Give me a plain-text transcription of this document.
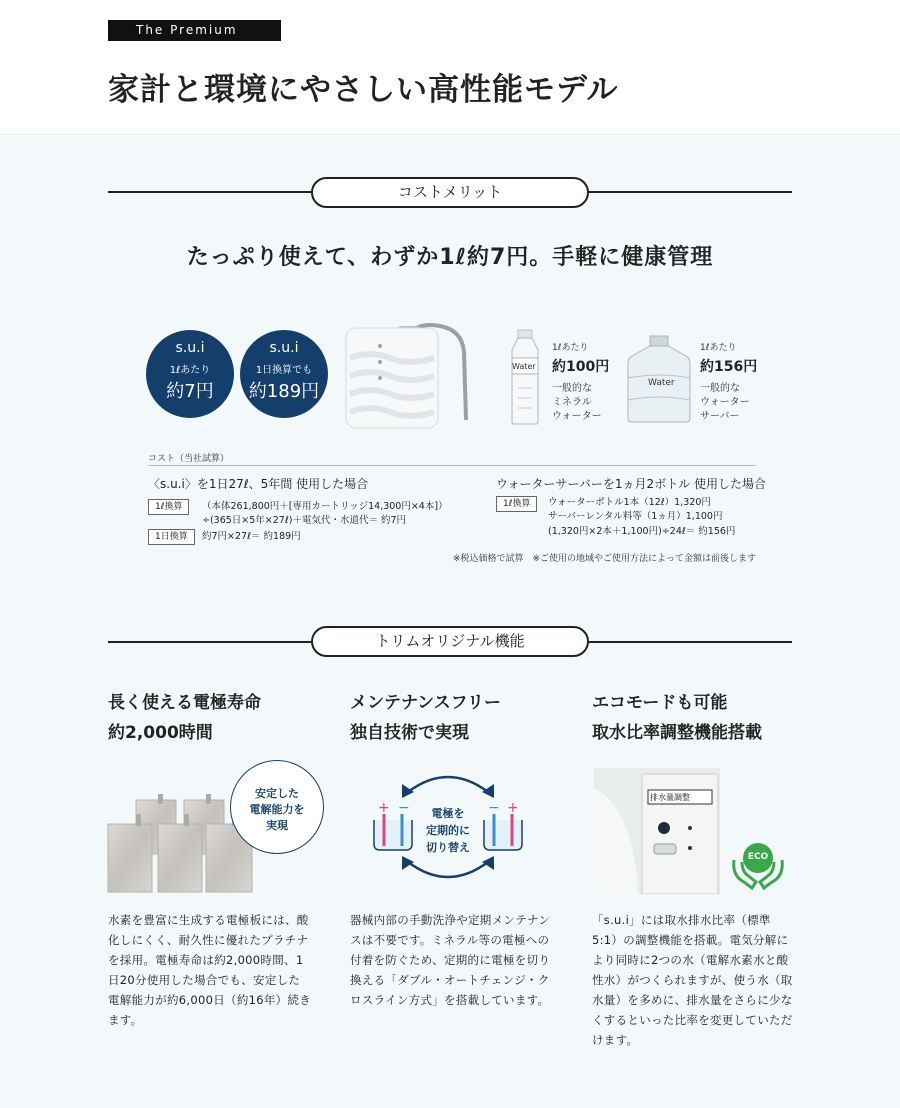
The Premium
家計と環境にやさしい高性能モデル
コストメリット
たっぷり使えて、わずか1ℓ約7円。手軽に健康管理
s.u.i
1ℓあたり
約7円
s.u.i
1日換算でも
約189円
Water
1ℓあたり
約100円
一般的な
ミネラル
ウォーター
Water
1ℓあたり
約156円
一般的な
ウォーター
サーバー
コスト（当社試算）
〈s.u.i〉を1日27ℓ、5年間 使用した場合
1ℓ換算	（本体261,800円＋[専用カートリッジ14,300円×4本]）
÷(365日×5年×27ℓ)＋電気代・水道代＝ 約7円
1日換算	約7円×27ℓ＝ 約189円
ウォーターサーバーを1ヵ月2ボトル 使用した場合
1ℓ換算	ウォーターボトル1本（12ℓ）1,320円
サーバーレンタル料等（1ヵ月）1,100円
(1,320円×2本＋1,100円)÷24ℓ＝ 約156円
※税込価格で試算　※ご使用の地域やご使用方法によって金額は前後します
トリムオリジナル機能
長く使える電極寿命
約2,000時間
安定した
電解能力を
実現
水素を豊富に生成する電極板には、酸化しにくく、耐久性に優れたプラチナを採用。電極寿命は約2,000時間、1日20分使用した場合でも、安定した電解能力が約6,000日（約16年）続きます。
メンテナンスフリー
独自技術で実現
+ −	− +
電極を
定期的に
切り替え
器械内部の手動洗浄や定期メンテナンスは不要です。ミネラル等の電極への付着を防ぐため、定期的に電極を切り換える「ダブル・オートチェンジ・クロスライン方式」を搭載しています。
エコモードも可能
取水比率調整機能搭載
排水量調整
ECO
「s.u.i」には取水排水比率（標準5:1）の調整機能を搭載。電気分解により同時に2つの水（電解水素水と酸性水）がつくられますが、使う水（取水量）を多めに、排水量をさらに少なくするといった比率を変更していただけます。
